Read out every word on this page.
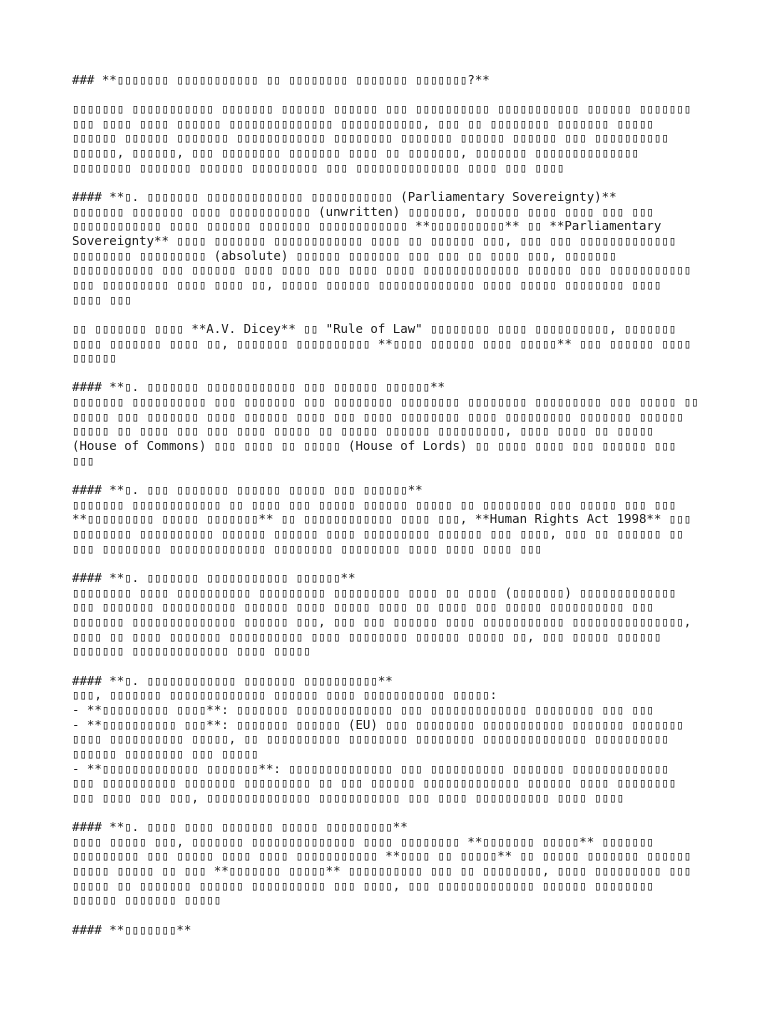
### **▯▯▯▯▯▯▯ ▯▯▯▯▯▯▯▯▯▯▯ ▯▯ ▯▯▯▯▯▯▯▯ ▯▯▯▯▯▯▯ ▯▯▯▯▯▯▯?**
▯▯▯▯▯▯▯ ▯▯▯▯▯▯▯▯▯▯▯ ▯▯▯▯▯▯▯ ▯▯▯▯▯▯ ▯▯▯▯▯▯ ▯▯▯ ▯▯▯▯▯▯▯▯▯▯ ▯▯▯▯▯▯▯▯▯▯▯ ▯▯▯▯▯▯ ▯▯▯▯▯▯▯
▯▯▯ ▯▯▯▯ ▯▯▯▯ ▯▯▯▯▯▯ ▯▯▯▯▯▯▯▯▯▯▯▯▯▯ ▯▯▯▯▯▯▯▯▯▯▯, ▯▯▯ ▯▯ ▯▯▯▯▯▯▯▯ ▯▯▯▯▯▯▯ ▯▯▯▯▯
▯▯▯▯▯▯ ▯▯▯▯▯▯ ▯▯▯▯▯▯▯ ▯▯▯▯▯▯▯▯▯▯▯▯ ▯▯▯▯▯▯▯▯ ▯▯▯▯▯▯▯ ▯▯▯▯▯▯ ▯▯▯▯▯▯ ▯▯▯ ▯▯▯▯▯▯▯▯▯▯
▯▯▯▯▯▯, ▯▯▯▯▯▯, ▯▯▯ ▯▯▯▯▯▯▯▯ ▯▯▯▯▯▯▯ ▯▯▯▯ ▯▯ ▯▯▯▯▯▯▯, ▯▯▯▯▯▯▯ ▯▯▯▯▯▯▯▯▯▯▯▯▯▯
▯▯▯▯▯▯▯▯ ▯▯▯▯▯▯▯ ▯▯▯▯▯▯ ▯▯▯▯▯▯▯▯▯ ▯▯▯ ▯▯▯▯▯▯▯▯▯▯▯▯▯▯ ▯▯▯▯ ▯▯▯ ▯▯▯▯
#### **▯. ▯▯▯▯▯▯▯ ▯▯▯▯▯▯▯▯▯▯▯▯▯ ▯▯▯▯▯▯▯▯▯▯▯ (Parliamentary Sovereignty)**
▯▯▯▯▯▯▯ ▯▯▯▯▯▯▯ ▯▯▯▯ ▯▯▯▯▯▯▯▯▯▯▯ (unwritten) ▯▯▯▯▯▯▯, ▯▯▯▯▯▯ ▯▯▯▯ ▯▯▯▯ ▯▯▯ ▯▯▯
▯▯▯▯▯▯▯▯▯▯▯▯ ▯▯▯▯ ▯▯▯▯▯▯ ▯▯▯▯▯▯▯ ▯▯▯▯▯▯▯▯▯▯▯▯ **▯▯▯▯▯▯▯▯▯▯** ▯▯ **Parliamentary
Sovereignty** ▯▯▯▯ ▯▯▯▯▯▯▯ ▯▯▯▯▯▯▯▯▯▯▯▯ ▯▯▯▯ ▯▯ ▯▯▯▯▯▯ ▯▯▯, ▯▯▯ ▯▯▯ ▯▯▯▯▯▯▯▯▯▯▯▯▯
▯▯▯▯▯▯▯▯ ▯▯▯▯▯▯▯▯▯ (absolute) ▯▯▯▯▯▯ ▯▯▯▯▯▯▯ ▯▯▯ ▯▯▯ ▯▯ ▯▯▯▯ ▯▯▯, ▯▯▯▯▯▯▯
▯▯▯▯▯▯▯▯▯▯▯ ▯▯▯ ▯▯▯▯▯▯ ▯▯▯▯ ▯▯▯▯ ▯▯▯ ▯▯▯▯ ▯▯▯▯ ▯▯▯▯▯▯▯▯▯▯▯▯▯ ▯▯▯▯▯▯ ▯▯▯ ▯▯▯▯▯▯▯▯▯▯▯
▯▯▯ ▯▯▯▯▯▯▯▯▯ ▯▯▯▯ ▯▯▯▯ ▯▯, ▯▯▯▯▯ ▯▯▯▯▯▯ ▯▯▯▯▯▯▯▯▯▯▯▯▯ ▯▯▯▯ ▯▯▯▯▯ ▯▯▯▯▯▯▯▯ ▯▯▯▯
▯▯▯▯ ▯▯▯
▯▯ ▯▯▯▯▯▯▯ ▯▯▯▯ **A.V. Dicey** ▯▯ "Rule of Law" ▯▯▯▯▯▯▯▯ ▯▯▯▯ ▯▯▯▯▯▯▯▯▯▯, ▯▯▯▯▯▯▯
▯▯▯▯ ▯▯▯▯▯▯▯ ▯▯▯▯ ▯▯, ▯▯▯▯▯▯▯ ▯▯▯▯▯▯▯▯▯▯ **▯▯▯▯ ▯▯▯▯▯▯ ▯▯▯▯ ▯▯▯▯▯** ▯▯▯ ▯▯▯▯▯▯ ▯▯▯▯
▯▯▯▯▯▯
#### **▯. ▯▯▯▯▯▯▯ ▯▯▯▯▯▯▯▯▯▯▯▯ ▯▯▯ ▯▯▯▯▯▯ ▯▯▯▯▯▯**
▯▯▯▯▯▯▯ ▯▯▯▯▯▯▯▯▯▯ ▯▯▯ ▯▯▯▯▯▯▯ ▯▯▯ ▯▯▯▯▯▯▯▯ ▯▯▯▯▯▯▯▯ ▯▯▯▯▯▯▯▯ ▯▯▯▯▯▯▯▯▯ ▯▯▯ ▯▯▯▯▯ ▯▯
▯▯▯▯▯ ▯▯▯ ▯▯▯▯▯▯▯ ▯▯▯▯ ▯▯▯▯▯▯ ▯▯▯▯ ▯▯▯ ▯▯▯▯ ▯▯▯▯▯▯▯▯ ▯▯▯▯ ▯▯▯▯▯▯▯▯▯ ▯▯▯▯▯▯▯ ▯▯▯▯▯▯
▯▯▯▯▯ ▯▯ ▯▯▯▯ ▯▯▯ ▯▯▯ ▯▯▯▯ ▯▯▯▯▯ ▯▯ ▯▯▯▯▯ ▯▯▯▯▯▯ ▯▯▯▯▯▯▯▯▯, ▯▯▯▯ ▯▯▯▯ ▯▯ ▯▯▯▯▯
(House of Commons) ▯▯▯ ▯▯▯▯ ▯▯ ▯▯▯▯▯ (House of Lords) ▯▯ ▯▯▯▯ ▯▯▯▯ ▯▯▯ ▯▯▯▯▯▯ ▯▯▯
▯▯▯
#### **▯. ▯▯▯ ▯▯▯▯▯▯▯ ▯▯▯▯▯▯ ▯▯▯▯▯ ▯▯▯ ▯▯▯▯▯▯**
▯▯▯▯▯▯▯ ▯▯▯▯▯▯▯▯▯▯▯▯ ▯▯ ▯▯▯▯ ▯▯▯ ▯▯▯▯▯ ▯▯▯▯▯▯ ▯▯▯▯▯ ▯▯ ▯▯▯▯▯▯▯▯ ▯▯▯ ▯▯▯▯▯ ▯▯▯ ▯▯▯
**▯▯▯▯▯▯▯▯▯ ▯▯▯▯▯ ▯▯▯▯▯▯▯** ▯▯ ▯▯▯▯▯▯▯▯▯▯▯▯ ▯▯▯▯ ▯▯▯, **Human Rights Act 1998** ▯▯▯
▯▯▯▯▯▯▯▯ ▯▯▯▯▯▯▯▯▯▯ ▯▯▯▯▯▯ ▯▯▯▯▯▯ ▯▯▯▯ ▯▯▯▯▯▯▯▯▯ ▯▯▯▯▯▯ ▯▯▯ ▯▯▯▯, ▯▯▯ ▯▯ ▯▯▯▯▯▯ ▯▯
▯▯▯ ▯▯▯▯▯▯▯▯ ▯▯▯▯▯▯▯▯▯▯▯▯▯ ▯▯▯▯▯▯▯▯ ▯▯▯▯▯▯▯▯ ▯▯▯▯ ▯▯▯▯ ▯▯▯▯ ▯▯▯
#### **▯. ▯▯▯▯▯▯▯ ▯▯▯▯▯▯▯▯▯▯▯ ▯▯▯▯▯▯**
▯▯▯▯▯▯▯▯ ▯▯▯▯ ▯▯▯▯▯▯▯▯▯▯ ▯▯▯▯▯▯▯▯▯ ▯▯▯▯▯▯▯▯▯ ▯▯▯▯ ▯▯ ▯▯▯▯ (▯▯▯▯▯▯▯) ▯▯▯▯▯▯▯▯▯▯▯▯▯
▯▯▯ ▯▯▯▯▯▯▯ ▯▯▯▯▯▯▯▯▯▯ ▯▯▯▯▯▯ ▯▯▯▯ ▯▯▯▯▯ ▯▯▯▯ ▯▯ ▯▯▯▯ ▯▯▯ ▯▯▯▯▯ ▯▯▯▯▯▯▯▯▯▯ ▯▯▯
▯▯▯▯▯▯▯ ▯▯▯▯▯▯▯▯▯▯▯▯▯▯ ▯▯▯▯▯▯ ▯▯▯, ▯▯▯ ▯▯▯ ▯▯▯▯▯▯ ▯▯▯▯ ▯▯▯▯▯▯▯▯▯▯▯ ▯▯▯▯▯▯▯▯▯▯▯▯▯▯▯,
▯▯▯▯ ▯▯ ▯▯▯▯ ▯▯▯▯▯▯▯ ▯▯▯▯▯▯▯▯▯▯ ▯▯▯▯ ▯▯▯▯▯▯▯▯ ▯▯▯▯▯▯ ▯▯▯▯▯ ▯▯, ▯▯▯ ▯▯▯▯▯ ▯▯▯▯▯▯
▯▯▯▯▯▯▯ ▯▯▯▯▯▯▯▯▯▯▯▯▯ ▯▯▯▯ ▯▯▯▯▯
#### **▯. ▯▯▯▯▯▯▯▯▯▯▯▯ ▯▯▯▯▯▯▯ ▯▯▯▯▯▯▯▯▯▯**
▯▯▯, ▯▯▯▯▯▯▯ ▯▯▯▯▯▯▯▯▯▯▯▯▯ ▯▯▯▯▯▯ ▯▯▯▯ ▯▯▯▯▯▯▯▯▯▯▯ ▯▯▯▯▯:
- **▯▯▯▯▯▯▯▯▯ ▯▯▯▯**: ▯▯▯▯▯▯▯ ▯▯▯▯▯▯▯▯▯▯▯▯▯ ▯▯▯ ▯▯▯▯▯▯▯▯▯▯▯▯▯ ▯▯▯▯▯▯▯▯ ▯▯▯ ▯▯▯
- **▯▯▯▯▯▯▯▯▯▯ ▯▯▯**: ▯▯▯▯▯▯▯ ▯▯▯▯▯▯ (EU) ▯▯▯ ▯▯▯▯▯▯▯▯ ▯▯▯▯▯▯▯▯▯▯▯ ▯▯▯▯▯▯▯ ▯▯▯▯▯▯▯
▯▯▯▯ ▯▯▯▯▯▯▯▯▯▯ ▯▯▯▯▯, ▯▯ ▯▯▯▯▯▯▯▯▯▯ ▯▯▯▯▯▯▯▯ ▯▯▯▯▯▯▯▯ ▯▯▯▯▯▯▯▯▯▯▯▯▯▯ ▯▯▯▯▯▯▯▯▯▯
▯▯▯▯▯▯ ▯▯▯▯▯▯▯▯ ▯▯▯ ▯▯▯▯▯
- **▯▯▯▯▯▯▯▯▯▯▯▯▯ ▯▯▯▯▯▯▯**: ▯▯▯▯▯▯▯▯▯▯▯▯▯▯ ▯▯▯ ▯▯▯▯▯▯▯▯▯▯ ▯▯▯▯▯▯▯ ▯▯▯▯▯▯▯▯▯▯▯▯▯
▯▯▯ ▯▯▯▯▯▯▯▯▯▯ ▯▯▯▯▯▯▯ ▯▯▯▯▯▯▯▯▯ ▯▯ ▯▯▯ ▯▯▯▯▯▯ ▯▯▯▯▯▯▯▯▯▯▯▯▯ ▯▯▯▯▯▯ ▯▯▯▯ ▯▯▯▯▯▯▯▯
▯▯▯ ▯▯▯▯ ▯▯▯ ▯▯▯, ▯▯▯▯▯▯▯▯▯▯▯▯▯▯ ▯▯▯▯▯▯▯▯▯▯▯ ▯▯▯ ▯▯▯▯ ▯▯▯▯▯▯▯▯▯▯ ▯▯▯▯ ▯▯▯▯
#### **▯. ▯▯▯▯ ▯▯▯▯ ▯▯▯▯▯▯▯ ▯▯▯▯▯ ▯▯▯▯▯▯▯▯▯**
▯▯▯▯ ▯▯▯▯▯ ▯▯▯, ▯▯▯▯▯▯▯ ▯▯▯▯▯▯▯▯▯▯▯▯▯▯ ▯▯▯▯ ▯▯▯▯▯▯▯▯ **▯▯▯▯▯▯▯ ▯▯▯▯▯** ▯▯▯▯▯▯▯
▯▯▯▯▯▯▯▯▯ ▯▯▯ ▯▯▯▯▯ ▯▯▯▯ ▯▯▯▯ ▯▯▯▯▯▯▯▯▯▯▯ **▯▯▯▯ ▯▯ ▯▯▯▯▯** ▯▯ ▯▯▯▯▯ ▯▯▯▯▯▯▯ ▯▯▯▯▯▯
▯▯▯▯▯ ▯▯▯▯▯ ▯▯ ▯▯▯ **▯▯▯▯▯▯▯ ▯▯▯▯▯** ▯▯▯▯▯▯▯▯▯▯ ▯▯▯ ▯▯ ▯▯▯▯▯▯▯▯, ▯▯▯▯ ▯▯▯▯▯▯▯▯▯ ▯▯▯
▯▯▯▯▯ ▯▯ ▯▯▯▯▯▯▯ ▯▯▯▯▯▯ ▯▯▯▯▯▯▯▯▯▯ ▯▯▯ ▯▯▯▯, ▯▯▯ ▯▯▯▯▯▯▯▯▯▯▯▯▯ ▯▯▯▯▯▯ ▯▯▯▯▯▯▯▯
▯▯▯▯▯▯ ▯▯▯▯▯▯▯ ▯▯▯▯▯
#### **▯▯▯▯▯▯▯**
